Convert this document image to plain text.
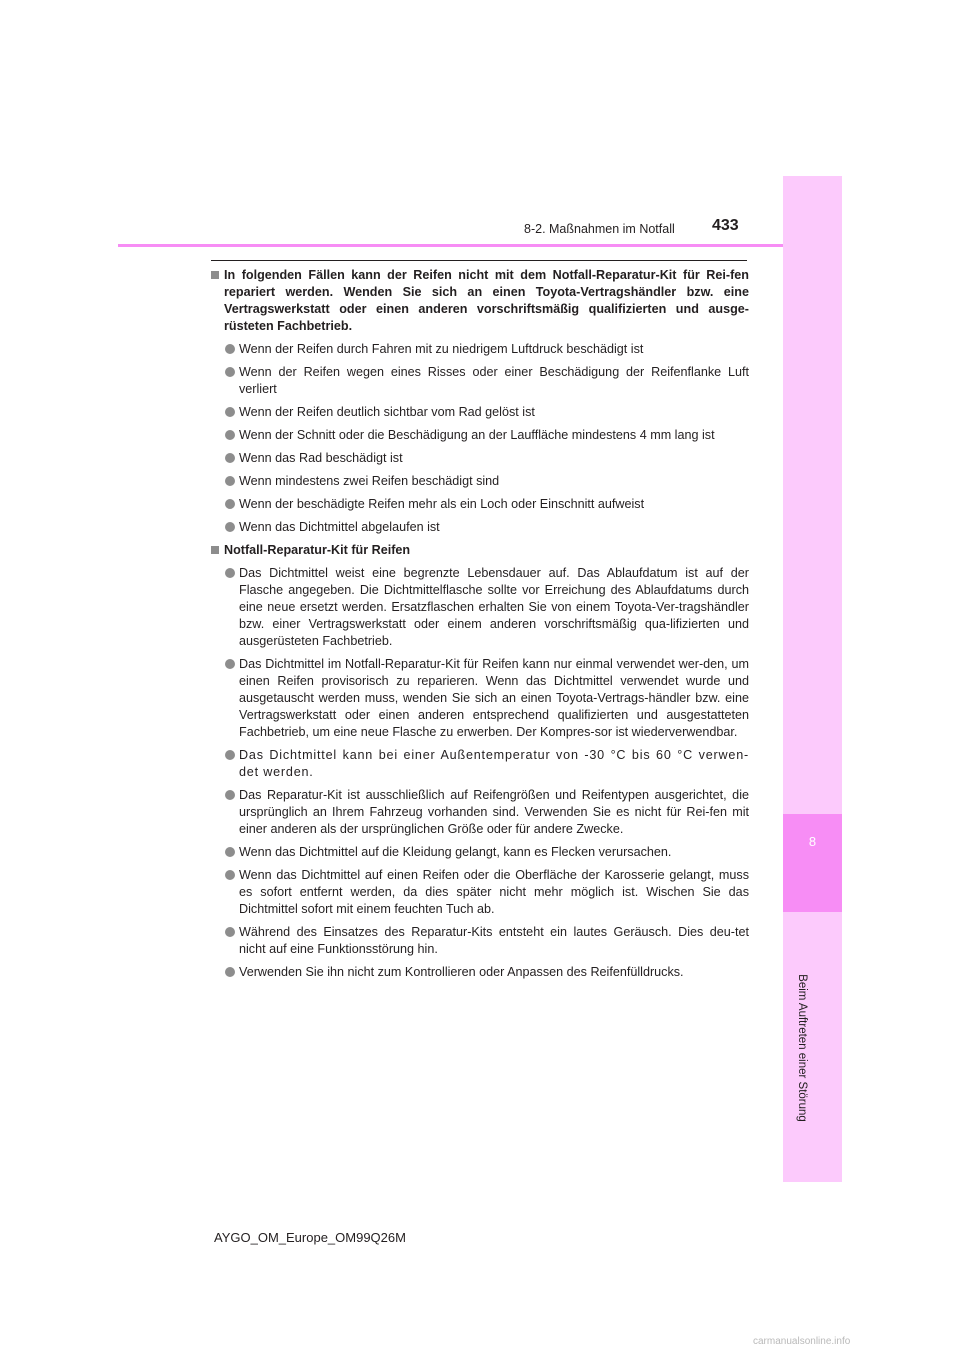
8
Beim Auftreten einer Störung
433
8-2. Maßnahmen im Notfall
In folgenden Fällen kann der Reifen nicht mit dem Notfall-Reparatur-Kit für Rei-fen repariert werden. Wenden Sie sich an einen Toyota-Vertragshändler bzw. eine Vertragswerkstatt oder einen anderen vorschriftsmäßig qualifizierten und ausge-rüsteten Fachbetrieb.
Wenn der Reifen durch Fahren mit zu niedrigem Luftdruck beschädigt ist
Wenn der Reifen wegen eines Risses oder einer Beschädigung der Reifenflanke Luft verliert
Wenn der Reifen deutlich sichtbar vom Rad gelöst ist
Wenn der Schnitt oder die Beschädigung an der Lauffläche mindestens 4 mm lang ist
Wenn das Rad beschädigt ist
Wenn mindestens zwei Reifen beschädigt sind
Wenn der beschädigte Reifen mehr als ein Loch oder Einschnitt aufweist
Wenn das Dichtmittel abgelaufen ist
Notfall-Reparatur-Kit für Reifen
Das Dichtmittel weist eine begrenzte Lebensdauer auf. Das Ablaufdatum ist auf der Flasche angegeben. Die Dichtmittelflasche sollte vor Erreichung des Ablaufdatums durch eine neue ersetzt werden. Ersatzflaschen erhalten Sie von einem Toyota-Ver-tragshändler bzw. einer Vertragswerkstatt oder einem anderen vorschriftsmäßig qua-lifizierten und ausgerüsteten Fachbetrieb.
Das Dichtmittel im Notfall-Reparatur-Kit für Reifen kann nur einmal verwendet wer-den, um einen Reifen provisorisch zu reparieren. Wenn das Dichtmittel verwendet wurde und ausgetauscht werden muss, wenden Sie sich an einen Toyota-Vertrags-händler bzw. eine Vertragswerkstatt oder einen anderen entsprechend qualifizierten und ausgestatteten Fachbetrieb, um eine neue Flasche zu erwerben. Der Kompres-sor ist wiederverwendbar.
Das Dichtmittel kann bei einer Außentemperatur von -30 °C bis 60 °C verwen-det werden.
Das Reparatur-Kit ist ausschließlich auf Reifengrößen und Reifentypen ausgerichtet, die ursprünglich an Ihrem Fahrzeug vorhanden sind. Verwenden Sie es nicht für Rei-fen mit einer anderen als der ursprünglichen Größe oder für andere Zwecke.
Wenn das Dichtmittel auf die Kleidung gelangt, kann es Flecken verursachen.
Wenn das Dichtmittel auf einen Reifen oder die Oberfläche der Karosserie gelangt, muss es sofort entfernt werden, da dies später nicht mehr möglich ist. Wischen Sie das Dichtmittel sofort mit einem feuchten Tuch ab.
Während des Einsatzes des Reparatur-Kits entsteht ein lautes Geräusch. Dies deu-tet nicht auf eine Funktionsstörung hin.
Verwenden Sie ihn nicht zum Kontrollieren oder Anpassen des Reifenfülldrucks.
AYGO_OM_Europe_OM99Q26M
carmanualsonline.info
